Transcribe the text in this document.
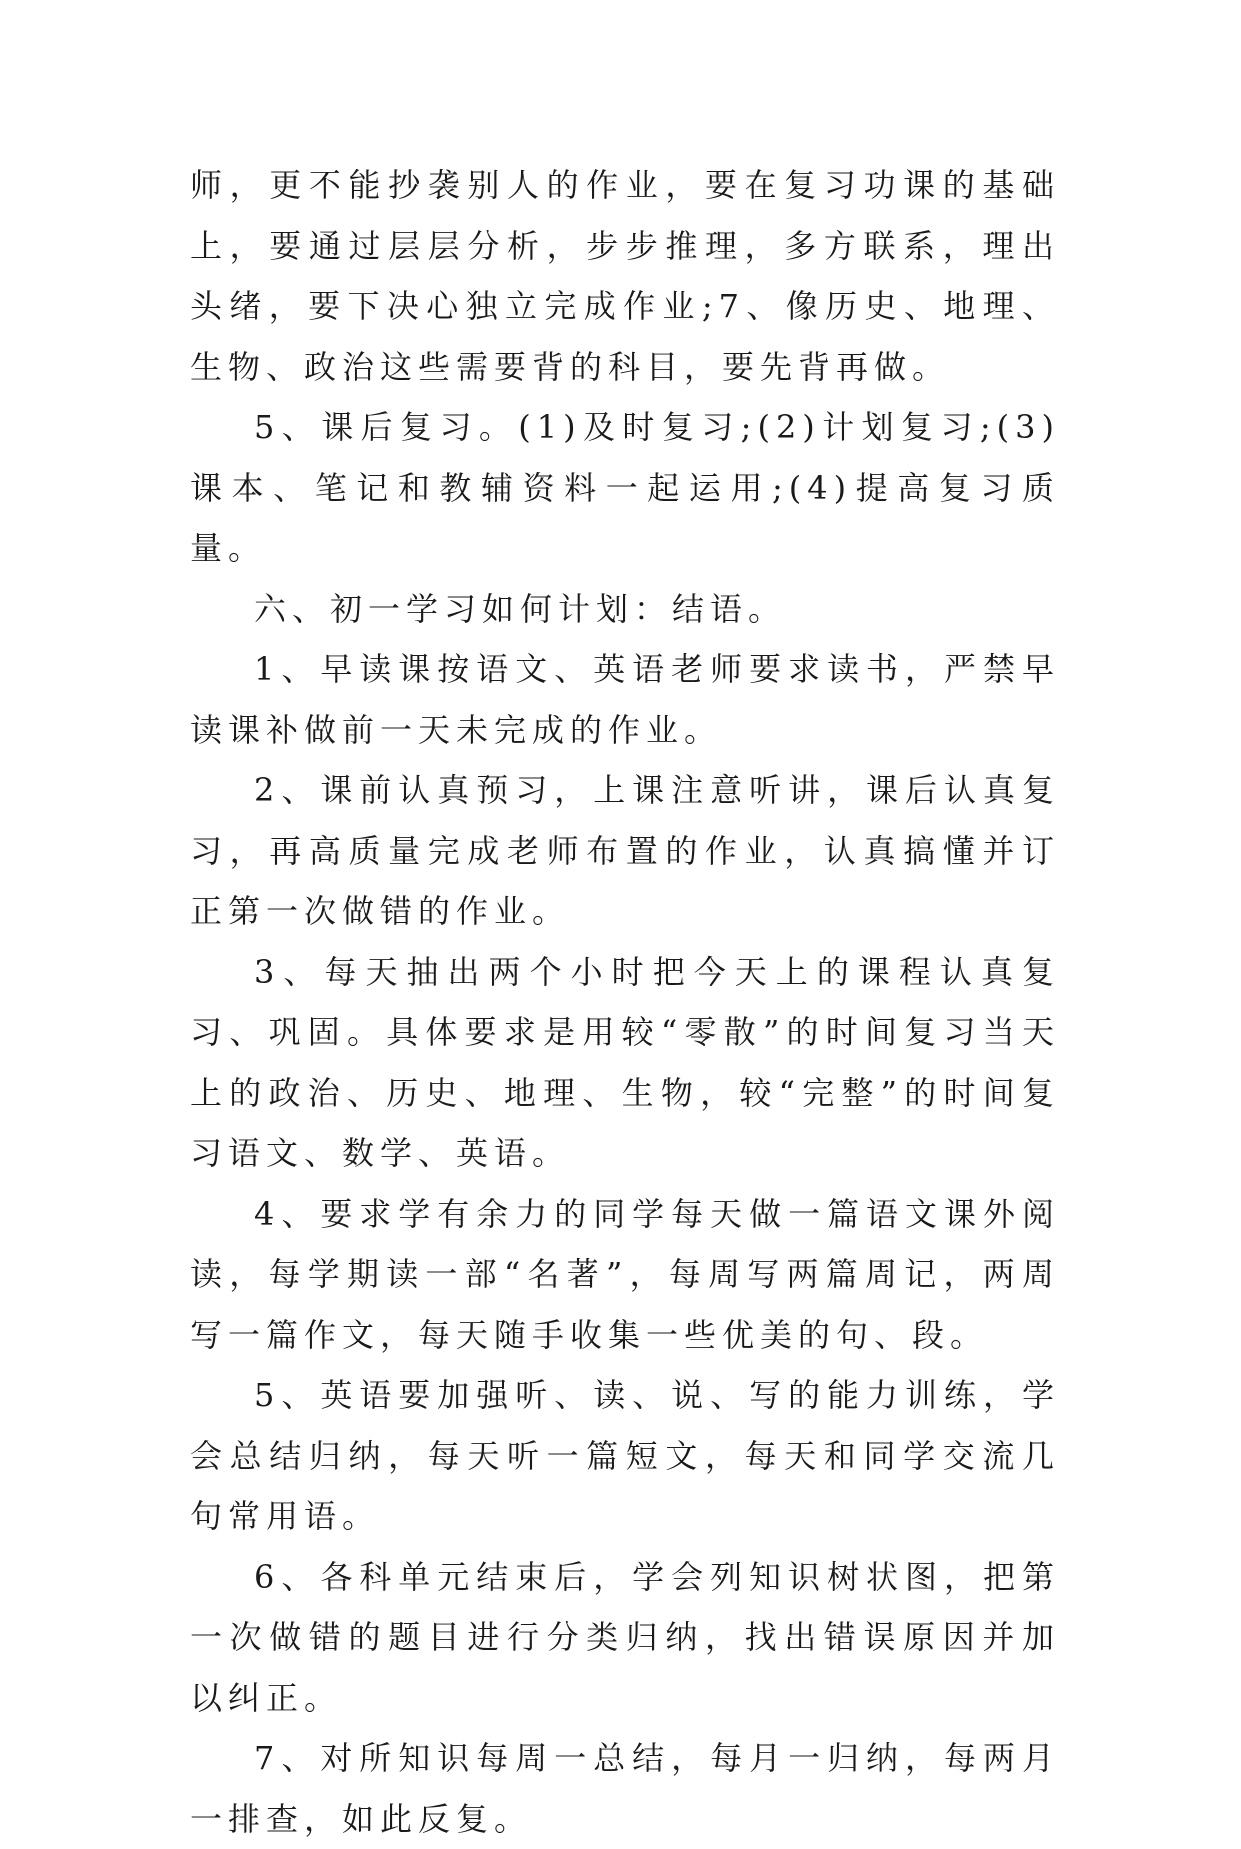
师，更不能抄袭别人的作业，要在复习功课的基础上，要通过层层分析，步步推理，多方联系，理出头绪，要下决心独立完成作业;7、像历史、地理、生物、政治这些需要背的科目，要先背再做。

5、课后复习。(1)及时复习;(2)计划复习;(3)课本、笔记和教辅资料一起运用;(4)提高复习质量。

六、初一学习如何计划：结语。

1、早读课按语文、英语老师要求读书，严禁早读课补做前一天未完成的作业。

2、课前认真预习，上课注意听讲，课后认真复习，再高质量完成老师布置的作业，认真搞懂并订正第一次做错的作业。

3、每天抽出两个小时把今天上的课程认真复习、巩固。具体要求是用较“零散”的时间复习当天上的政治、历史、地理、生物，较“完整”的时间复习语文、数学、英语。

4、要求学有余力的同学每天做一篇语文课外阅读，每学期读一部“名著”，每周写两篇周记，两周写一篇作文，每天随手收集一些优美的句、段。

5、英语要加强听、读、说、写的能力训练，学会总结归纳，每天听一篇短文，每天和同学交流几句常用语。

6、各科单元结束后，学会列知识树状图，把第一次做错的题目进行分类归纳，找出错误原因并加以纠正。

7、对所知识每周一总结，每月一归纳，每两月一排查，如此反复。
